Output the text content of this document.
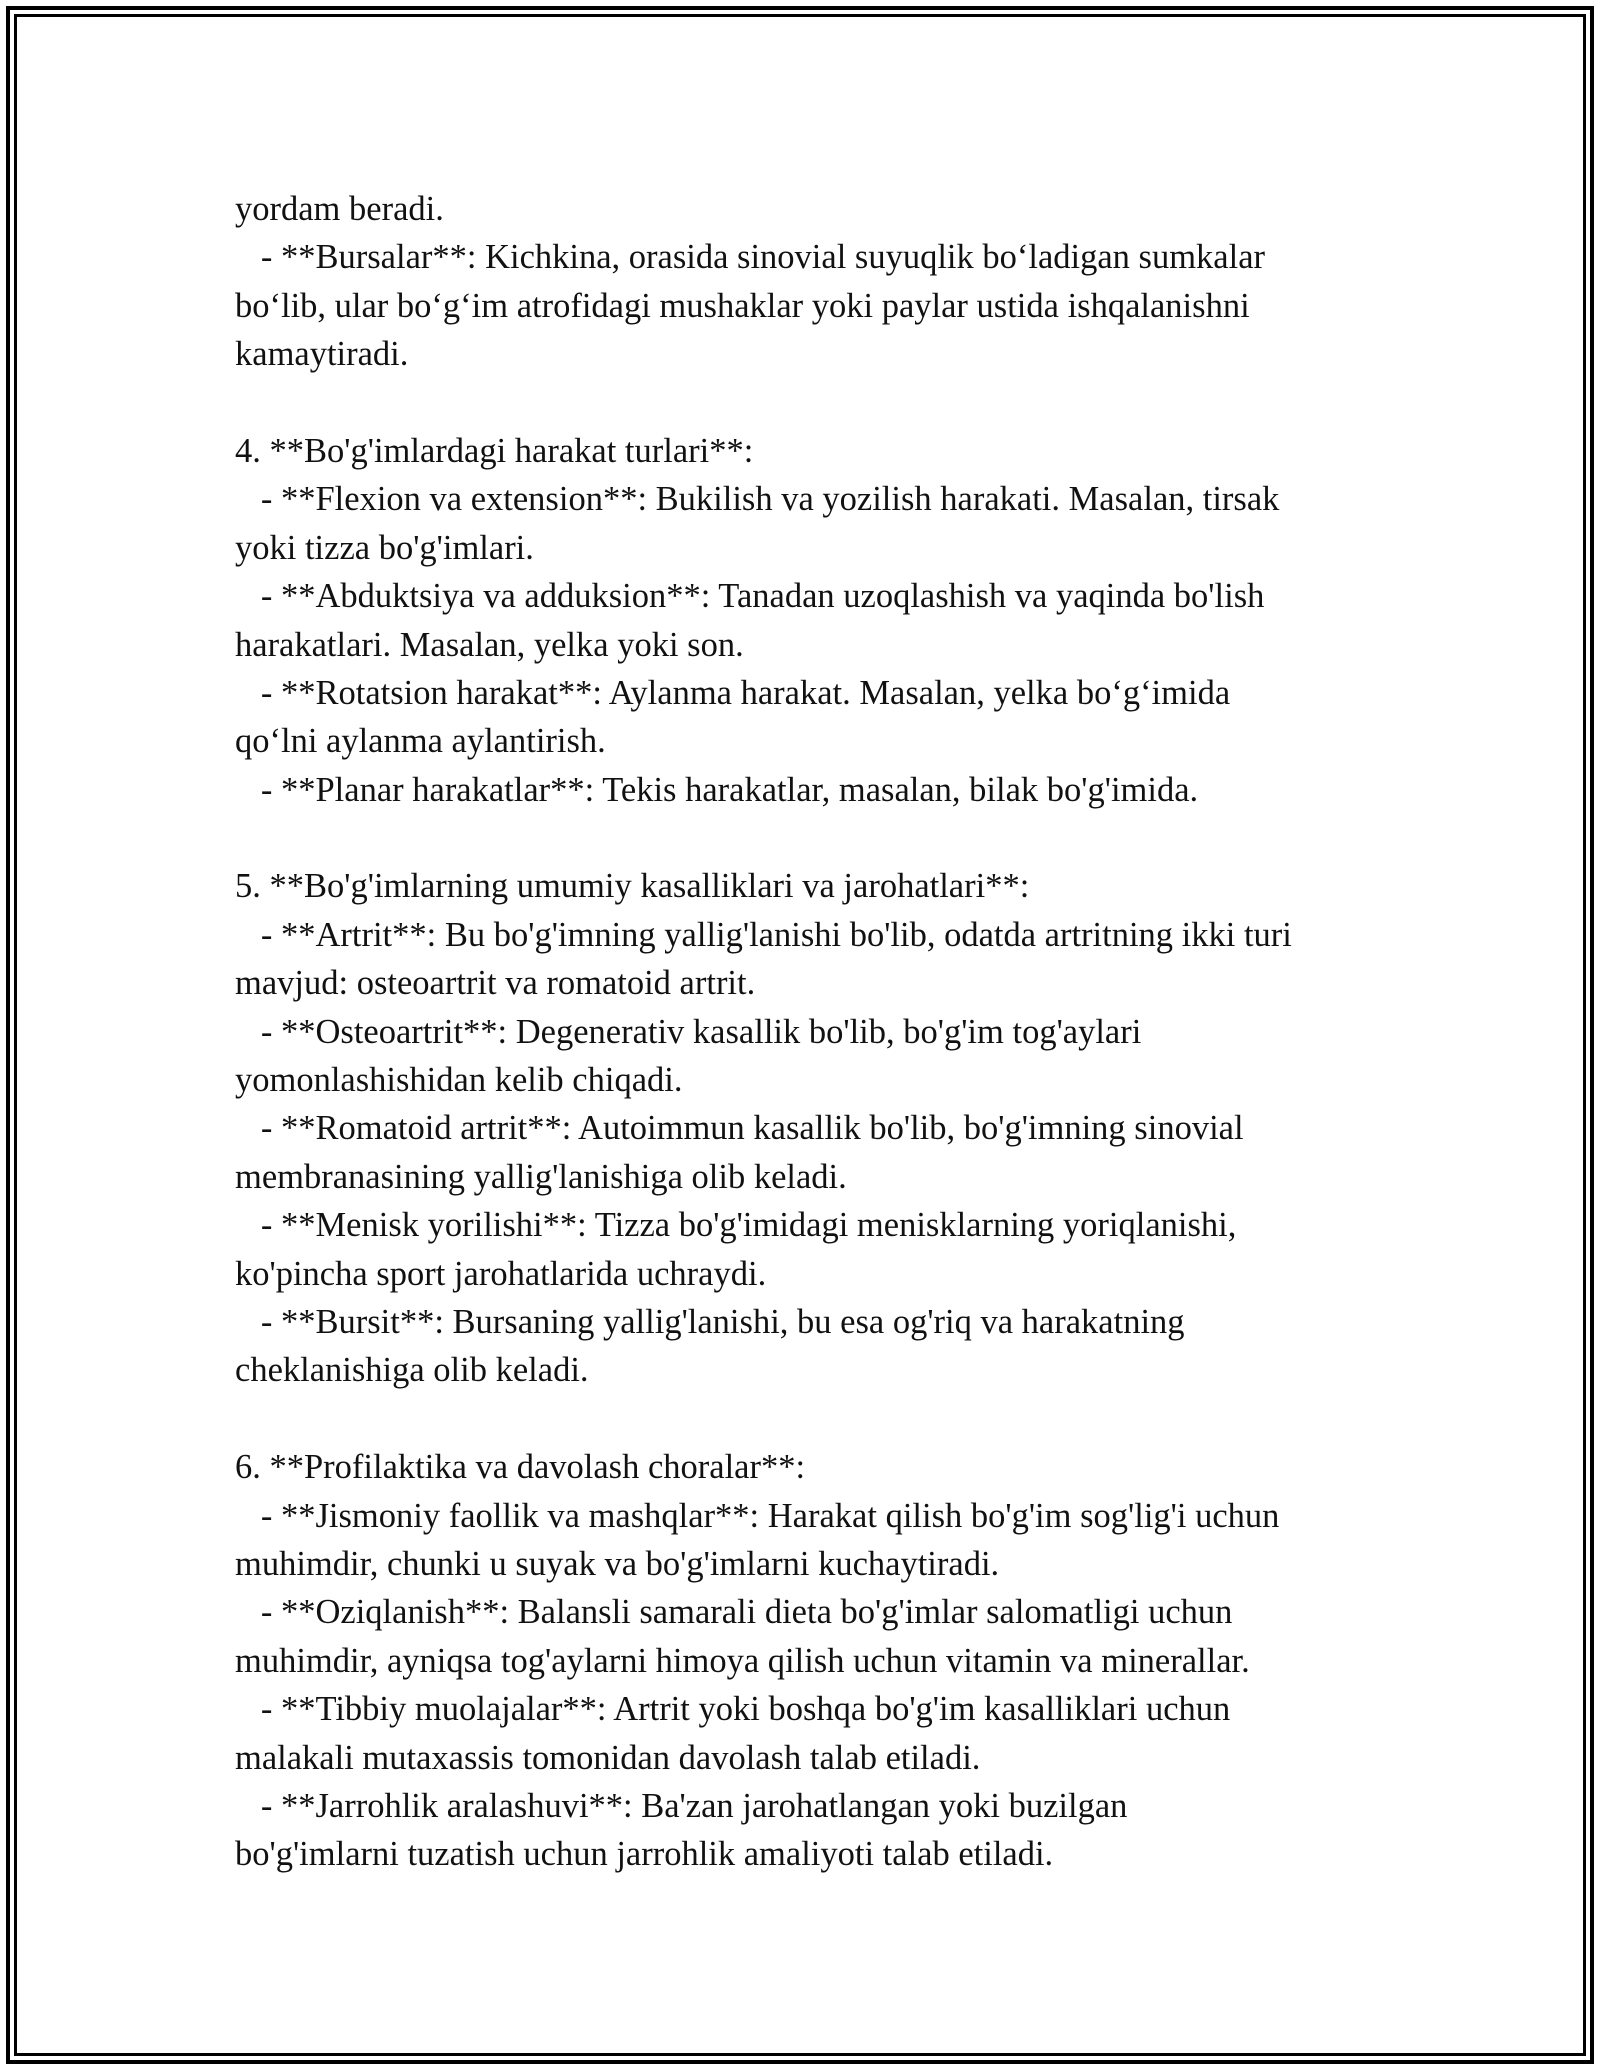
yordam beradi.
- **Bursalar**: Kichkina, orasida sinovial suyuqlik boʻladigan sumkalar
boʻlib, ular boʻgʻim atrofidagi mushaklar yoki paylar ustida ishqalanishni
kamaytiradi.
4. **Bo'g'imlardagi harakat turlari**:
- **Flexion va extension**: Bukilish va yozilish harakati. Masalan, tirsak
yoki tizza bo'g'imlari.
- **Abduktsiya va adduksion**: Tanadan uzoqlashish va yaqinda bo'lish
harakatlari. Masalan, yelka yoki son.
- **Rotatsion harakat**: Aylanma harakat. Masalan, yelka boʻgʻimida
qoʻlni aylanma aylantirish.
- **Planar harakatlar**: Tekis harakatlar, masalan, bilak bo'g'imida.
5. **Bo'g'imlarning umumiy kasalliklari va jarohatlari**:
- **Artrit**: Bu bo'g'imning yallig'lanishi bo'lib, odatda artritning ikki turi
mavjud: osteoartrit va romatoid artrit.
- **Osteoartrit**: Degenerativ kasallik bo'lib, bo'g'im tog'aylari
yomonlashishidan kelib chiqadi.
- **Romatoid artrit**: Autoimmun kasallik bo'lib, bo'g'imning sinovial
membranasining yallig'lanishiga olib keladi.
- **Menisk yorilishi**: Tizza bo'g'imidagi menisklarning yoriqlanishi,
ko'pincha sport jarohatlarida uchraydi.
- **Bursit**: Bursaning yallig'lanishi, bu esa og'riq va harakatning
cheklanishiga olib keladi.
6. **Profilaktika va davolash choralar**:
- **Jismoniy faollik va mashqlar**: Harakat qilish bo'g'im sog'lig'i uchun
muhimdir, chunki u suyak va bo'g'imlarni kuchaytiradi.
- **Oziqlanish**: Balansli samarali dieta bo'g'imlar salomatligi uchun
muhimdir, ayniqsa tog'aylarni himoya qilish uchun vitamin va minerallar.
- **Tibbiy muolajalar**: Artrit yoki boshqa bo'g'im kasalliklari uchun
malakali mutaxassis tomonidan davolash talab etiladi.
- **Jarrohlik aralashuvi**: Ba'zan jarohatlangan yoki buzilgan
bo'g'imlarni tuzatish uchun jarrohlik amaliyoti talab etiladi.
